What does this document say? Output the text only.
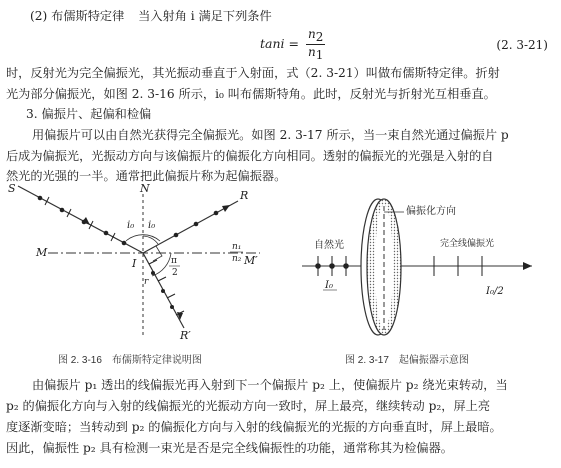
(2) 布儒斯特定律 当入射角 i 满足下列条件
$\tan i = \frac{n2}{n1}$	(2. 3-21)
时，反射光为完全偏振光，其光振动垂直于入射面，式（2. 3-21）叫做布儒斯特定律。折射
光为部分偏振光，如图 2. 3-16 所示，i₀ 叫布儒斯特角。此时，反射光与折射光互相垂直。
3. 偏振片、起偏和检偏
用偏振片可以由自然光获得完全偏振光。如图 2. 3-17 所示，当一束自然光通过偏振片 p
后成为偏振光，光振动方向与该偏振片的偏振化方向相同。透射的偏振光的光强是入射的自
然光的光强的一半。通常把此偏振片称为起偏振器。
S	N
R
M
M′
I
R′
i₀ i₀
n₁
n₂
π
2
r
偏振化方向
自然光	完全线偏振光
I₀
I₀/2
图 2. 3-16　布儒斯特定律说明图	图 2. 3-17　起偏振器示意图
由偏振片 p₁ 透出的线偏振光再入射到下一个偏振片 p₂ 上，使偏振片 p₂ 绕光束转动，当
p₂ 的偏振化方向与入射的线偏振光的光振动方向一致时，屏上最亮，继续转动 p₂，屏上亮
度逐渐变暗；当转动到 p₂ 的偏振化方向与入射的线偏振光的光振的方向垂直时，屏上最暗。
因此，偏振性 p₂ 具有检测一束光是否是完全线偏振性的功能，通常称其为检偏器。
